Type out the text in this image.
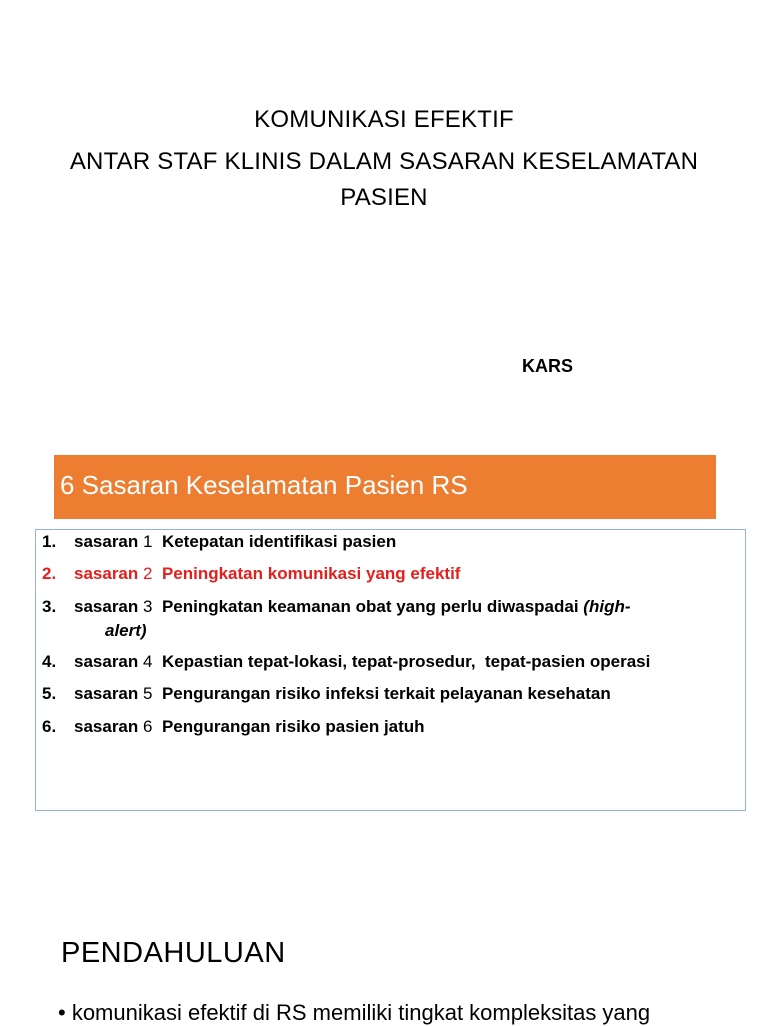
KOMUNIKASI EFEKTIF
ANTAR STAF KLINIS DALAM SASARAN KESELAMATAN
PASIEN
KARS
6 Sasaran Keselamatan Pasien RS
1. sasaran 1 Ketepatan identifikasi pasien
2. sasaran 2 Peningkatan komunikasi yang efektif
3. sasaran 3 Peningkatan keamanan obat yang perlu diwaspadai (high-
alert)
4. sasaran 4 Kepastian tepat-lokasi, tepat-prosedur,  tepat-pasien operasi
5. sasaran 5 Pengurangan risiko infeksi terkait pelayanan kesehatan
6. sasaran 6 Pengurangan risiko pasien jatuh
PENDAHULUAN
• komunikasi efektif di RS memiliki tingkat kompleksitas yang
